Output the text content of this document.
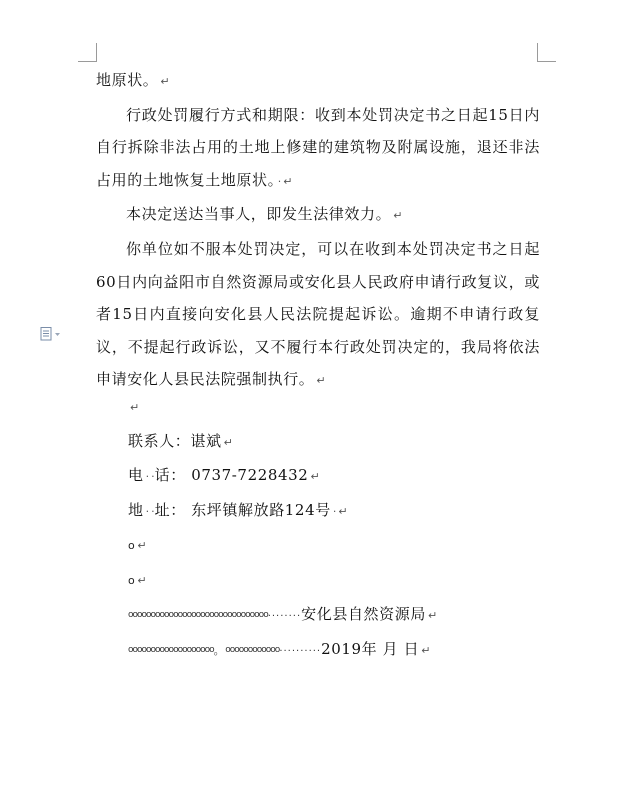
地原状。 ↵

行政处罚履行方式和期限：收到本处罚决定书之日起15日内自行拆除非法占用的土地上修建的建筑物及附属设施，退还非法占用的土地恢复土地原状。 · ↵

本决定送达当事人，即发生法律效力。 ↵

你单位如不服本处罚决定，可以在收到本处罚决定书之日起60日内向益阳市自然资源局或安化县人民政府申请行政复议，或者15日内直接向安化县人民法院提起诉讼。逾期不申请行政复议，不提起行政诉讼，又不履行本行政处罚决定的，我局将依法申请安化人县民法院强制执行。 ↵

↵

联系人：谌斌 ↵

电 · ·话： 0737-7228432 ↵

地 · ·址： 东坪镇解放路124号 · ↵

o ↵

o ↵

ooooooooooooooooooooooooooooooo········安化县自然资源局 ↵

ooooooooooooooooooo。oooooooooooo··········2019年 月 日 ↵
